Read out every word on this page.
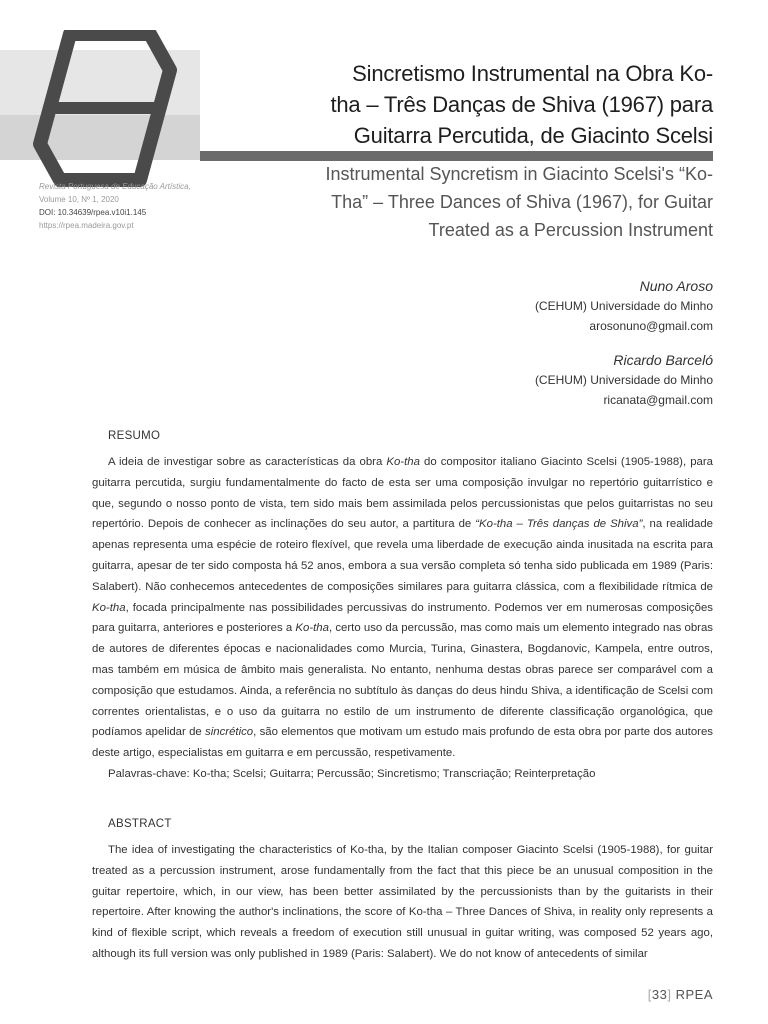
Sincretismo Instrumental na Obra Ko-

tha – Três Danças de Shiva (1967) para

Guitarra Percutida, de Giacinto Scelsi

Instrumental Syncretism in Giacinto Scelsi's “Ko-
Tha” – Three Dances of Shiva (1967), for Guitar
Treated as a Percussion Instrument
Revista Portuguesa de Educação Artística,
Volume 10, Nº 1, 2020
DOI: 10.34639/rpea.v10i1.145
https://rpea.madeira.gov.pt
Nuno Aroso
(CEHUM) Universidade do Minho
arosonuno@gmail.com
Ricardo Barceló
(CEHUM) Universidade do Minho
ricanata@gmail.com
RESUMO

A ideia de investigar sobre as características da obra Ko-tha do compositor italiano Giacinto Scelsi (1905-1988), para guitarra percutida, surgiu fundamentalmente do facto de esta ser uma composição invulgar no repertório guitarrístico e que, segundo o nosso ponto de vista, tem sido mais bem assimilada pelos percussionistas que pelos guitarristas no seu repertório. Depois de conhecer as inclinações do seu autor, a partitura de “Ko-tha – Três danças de Shiva”, na realidade apenas representa uma espécie de roteiro flexível, que revela uma liberdade de execução ainda inusitada na escrita para guitarra, apesar de ter sido composta há 52 anos, embora a sua versão completa só tenha sido publicada em 1989 (Paris: Salabert). Não conhecemos antecedentes de composições similares para guitarra clássica, com a flexibilidade rítmica de Ko-tha, focada principalmente nas possibilidades percussivas do instrumento. Podemos ver em numerosas composições para guitarra, anteriores e posteriores a Ko-tha, certo uso da percussão, mas como mais um elemento integrado nas obras de autores de diferentes épocas e nacionalidades como Murcia, Turina, Ginastera, Bogdanovic, Kampela, entre outros, mas também em música de âmbito mais generalista. No entanto, nenhuma destas obras parece ser comparável com a composição que estudamos. Ainda, a referência no subtítulo às danças do deus hindu Shiva, a identificação de Scelsi com correntes orientalistas, e o uso da guitarra no estilo de um instrumento de diferente classificação organológica, que podíamos apelidar de sincrético, são elementos que motivam um estudo mais profundo de esta obra por parte dos autores deste artigo, especialistas em guitarra e em percussão, respetivamente.

Palavras-chave: Ko-tha; Scelsi; Guitarra; Percussão; Sincretismo; Transcriação; Reinterpretação

ABSTRACT

The idea of investigating the characteristics of Ko-tha, by the Italian composer Giacinto Scelsi (1905-1988), for guitar treated as a percussion instrument, arose fundamentally from the fact that this piece be an unusual composition in the guitar repertoire, which, in our view, has been better assimilated by the percussionists than by the guitarists in their repertoire. After knowing the author's inclinations, the score of Ko-tha – Three Dances of Shiva, in reality only represents a kind of flexible script, which reveals a freedom of execution still unusual in guitar writing, was composed 52 years ago, although its full version was only published in 1989 (Paris: Salabert). We do not know of antecedents of similar

[33] RPEA
